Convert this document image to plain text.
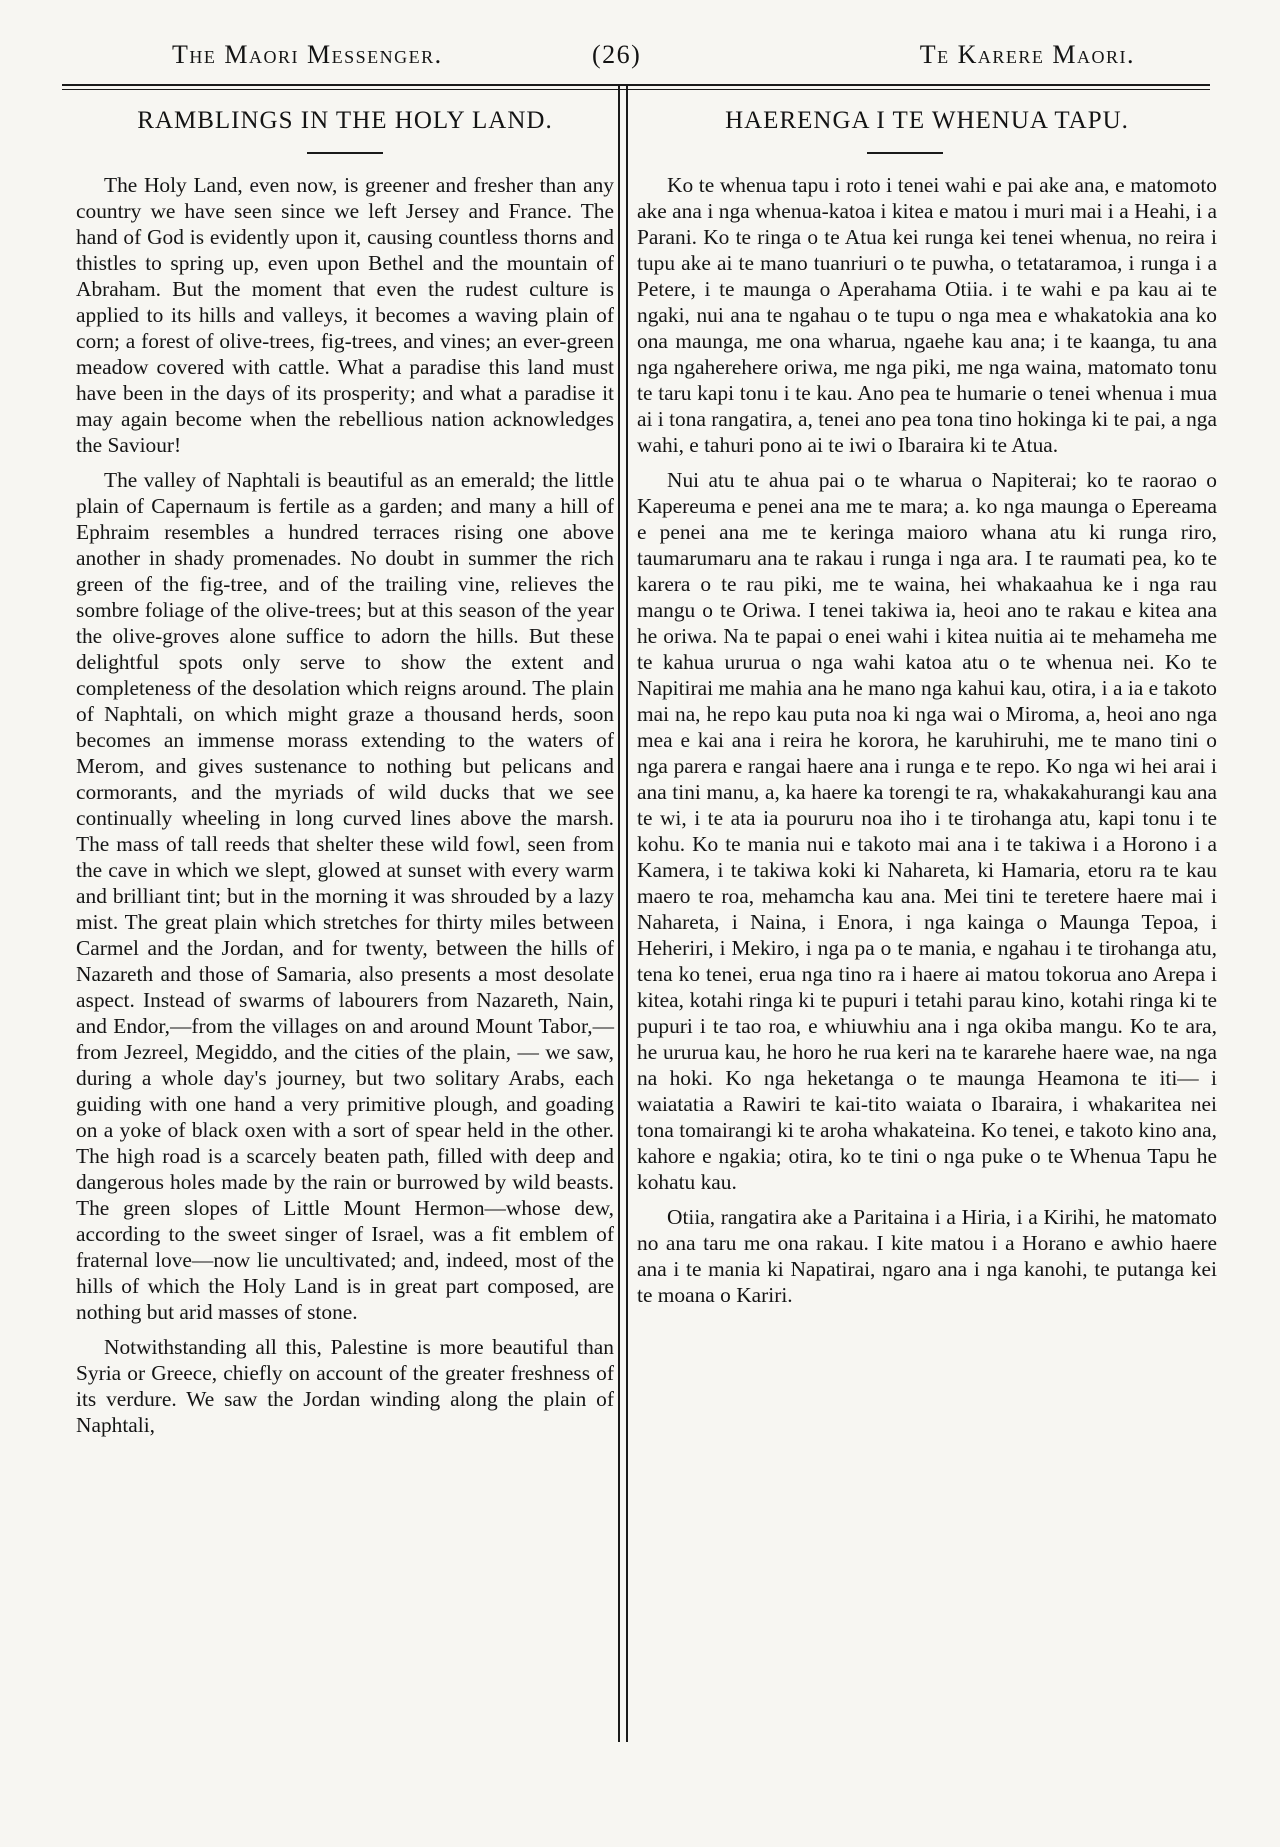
The Maori Messenger.	(26)	Te Karere Maori.
RAMBLINGS IN THE HOLY LAND.

The Holy Land, even now, is greener and fresher than any country we have seen since we left Jersey and France. The hand of God is evidently upon it, causing countless thorns and thistles to spring up, even upon Bethel and the mountain of Abraham. But the moment that even the rudest culture is applied to its hills and valleys, it becomes a waving plain of corn; a forest of olive-trees, fig-trees, and vines; an ever-green meadow covered with cattle. What a paradise this land must have been in the days of its prosperity; and what a paradise it may again become when the rebellious nation acknowledges the Saviour!

The valley of Naphtali is beautiful as an emerald; the little plain of Capernaum is fertile as a garden; and many a hill of Ephraim resembles a hundred terraces rising one above another in shady promenades. No doubt in summer the rich green of the fig-tree, and of the trailing vine, relieves the sombre foliage of the olive-trees; but at this season of the year the olive-groves alone suffice to adorn the hills. But these delightful spots only serve to show the extent and completeness of the desolation which reigns around. The plain of Naphtali, on which might graze a thousand herds, soon becomes an immense morass extending to the waters of Merom, and gives sustenance to nothing but pelicans and cormorants, and the myriads of wild ducks that we see continually wheeling in long curved lines above the marsh. The mass of tall reeds that shelter these wild fowl, seen from the cave in which we slept, glowed at sunset with every warm and brilliant tint; but in the morning it was shrouded by a lazy mist. The great plain which stretches for thirty miles between Carmel and the Jordan, and for twenty, between the hills of Nazareth and those of Samaria, also presents a most desolate aspect. Instead of swarms of labourers from Nazareth, Nain, and Endor,—from the villages on and around Mount Tabor,—from Jezreel, Megiddo, and the cities of the plain, — we saw, during a whole day's journey, but two solitary Arabs, each guiding with one hand a very primitive plough, and goading on a yoke of black oxen with a sort of spear held in the other. The high road is a scarcely beaten path, filled with deep and dangerous holes made by the rain or burrowed by wild beasts. The green slopes of Little Mount Hermon—whose dew, according to the sweet singer of Israel, was a fit emblem of fraternal love—now lie uncultivated; and, indeed, most of the hills of which the Holy Land is in great part composed, are nothing but arid masses of stone.

Notwithstanding all this, Palestine is more beautiful than Syria or Greece, chiefly on account of the greater freshness of its verdure. We saw the Jordan winding along the plain of Naphtali,

HAERENGA I TE WHENUA TAPU.

Ko te whenua tapu i roto i tenei wahi e pai ake ana, e matomoto ake ana i nga whenua-katoa i kitea e matou i muri mai i a Heahi, i a Parani. Ko te ringa o te Atua kei runga kei tenei whenua, no reira i tupu ake ai te mano tuanriuri o te puwha, o tetataramoa, i runga i a Petere, i te maunga o Aperahama Otiia. i te wahi e pa kau ai te ngaki, nui ana te ngahau o te tupu o nga mea e whakatokia ana ko ona maunga, me ona wharua, ngaehe kau ana; i te kaanga, tu ana nga ngaherehere oriwa, me nga piki, me nga waina, matomato tonu te taru kapi tonu i te kau. Ano pea te humarie o tenei whenua i mua ai i tona rangatira, a, tenei ano pea tona tino hokinga ki te pai, a nga wahi, e tahuri pono ai te iwi o Ibaraira ki te Atua.

Nui atu te ahua pai o te wharua o Napiterai; ko te raorao o Kapereuma e penei ana me te mara; a. ko nga maunga o Epereama e penei ana me te keringa maioro whana atu ki runga riro, taumarumaru ana te rakau i runga i nga ara. I te raumati pea, ko te karera o te rau piki, me te waina, hei whakaahua ke i nga rau mangu o te Oriwa. I tenei takiwa ia, heoi ano te rakau e kitea ana he oriwa. Na te papai o enei wahi i kitea nuitia ai te mehameha me te kahua ururua o nga wahi katoa atu o te whenua nei. Ko te Napitirai me mahia ana he mano nga kahui kau, otira, i a ia e takoto mai na, he repo kau puta noa ki nga wai o Miroma, a, heoi ano nga mea e kai ana i reira he korora, he karuhiruhi, me te mano tini o nga parera e rangai haere ana i runga e te repo. Ko nga wi hei arai i ana tini manu, a, ka haere ka torengi te ra, whakakahurangi kau ana te wi, i te ata ia poururu noa iho i te tirohanga atu, kapi tonu i te kohu. Ko te mania nui e takoto mai ana i te takiwa i a Horono i a Kamera, i te takiwa koki ki Nahareta, ki Hamaria, etoru ra te kau maero te roa, mehamcha kau ana. Mei tini te teretere haere mai i Nahareta, i Naina, i Enora, i nga kainga o Maunga Tepoa, i Heheriri, i Mekiro, i nga pa o te mania, e ngahau i te tirohanga atu, tena ko tenei, erua nga tino ra i haere ai matou tokorua ano Arepa i kitea, kotahi ringa ki te pupuri i tetahi parau kino, kotahi ringa ki te pupuri i te tao roa, e whiuwhiu ana i nga okiba mangu. Ko te ara, he ururua kau, he horo he rua keri na te kararehe haere wae, na nga na hoki. Ko nga heketanga o te maunga Heamona te iti— i waiatatia a Rawiri te kai-tito waiata o Ibaraira, i whakaritea nei tona tomairangi ki te aroha whakateina. Ko tenei, e takoto kino ana, kahore e ngakia; otira, ko te tini o nga puke o te Whenua Tapu he kohatu kau.

Otiia, rangatira ake a Paritaina i a Hiria, i a Kirihi, he matomato no ana taru me ona rakau. I kite matou i a Horano e awhio haere ana i te mania ki Napatirai, ngaro ana i nga kanohi, te putanga kei te moana o Kariri.
